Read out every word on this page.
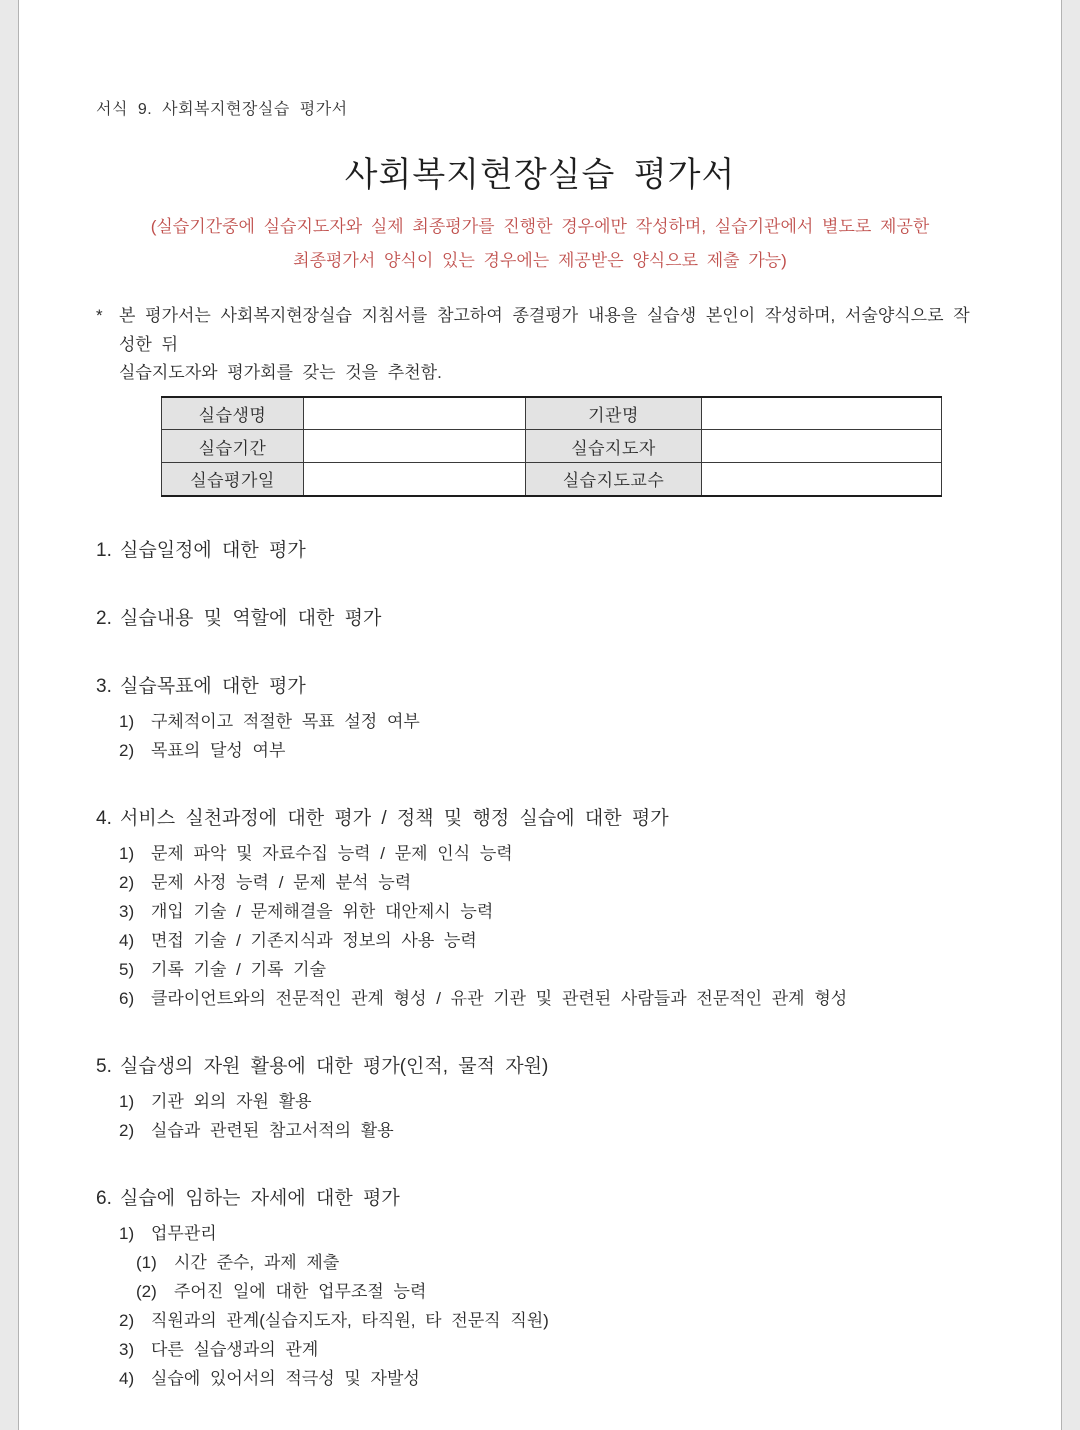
서식 9. 사회복지현장실습 평가서
사회복지현장실습 평가서
(실습기간중에 실습지도자와 실제 최종평가를 진행한 경우에만 작성하며, 실습기관에서 별도로 제공한
최종평가서 양식이 있는 경우에는 제공받은 양식으로 제출 가능)
* 본 평가서는 사회복지현장실습 지침서를 참고하여 종결평가 내용을 실습생 본인이 작성하며, 서술양식으로 작성한 뒤
실습지도자와 평가회를 갖는 것을 추천함.
실습생명		기관명	
실습기간		실습지도자	
실습평가일		실습지도교수	
1. 실습일정에 대한 평가
2. 실습내용 및 역할에 대한 평가
3. 실습목표에 대한 평가
1) 구체적이고 적절한 목표 설정 여부
2) 목표의 달성 여부
4. 서비스 실천과정에 대한 평가 / 정책 및 행정 실습에 대한 평가
1) 문제 파악 및 자료수집 능력 / 문제 인식 능력
2) 문제 사정 능력 / 문제 분석 능력
3) 개입 기술 / 문제해결을 위한 대안제시 능력
4) 면접 기술 / 기존지식과 정보의 사용 능력
5) 기록 기술 / 기록 기술
6) 클라이언트와의 전문적인 관계 형성 / 유관 기관 및 관련된 사람들과 전문적인 관계 형성
5. 실습생의 자원 활용에 대한 평가(인적, 물적 자원)
1) 기관 외의 자원 활용
2) 실습과 관련된 참고서적의 활용
6. 실습에 임하는 자세에 대한 평가
1) 업무관리
(1)	시간 준수, 과제 제출
(2)	주어진 일에 대한 업무조절 능력
2) 직원과의 관계(실습지도자, 타직원, 타 전문직 직원)
3) 다른 실습생과의 관계
4) 실습에 있어서의 적극성 및 자발성
